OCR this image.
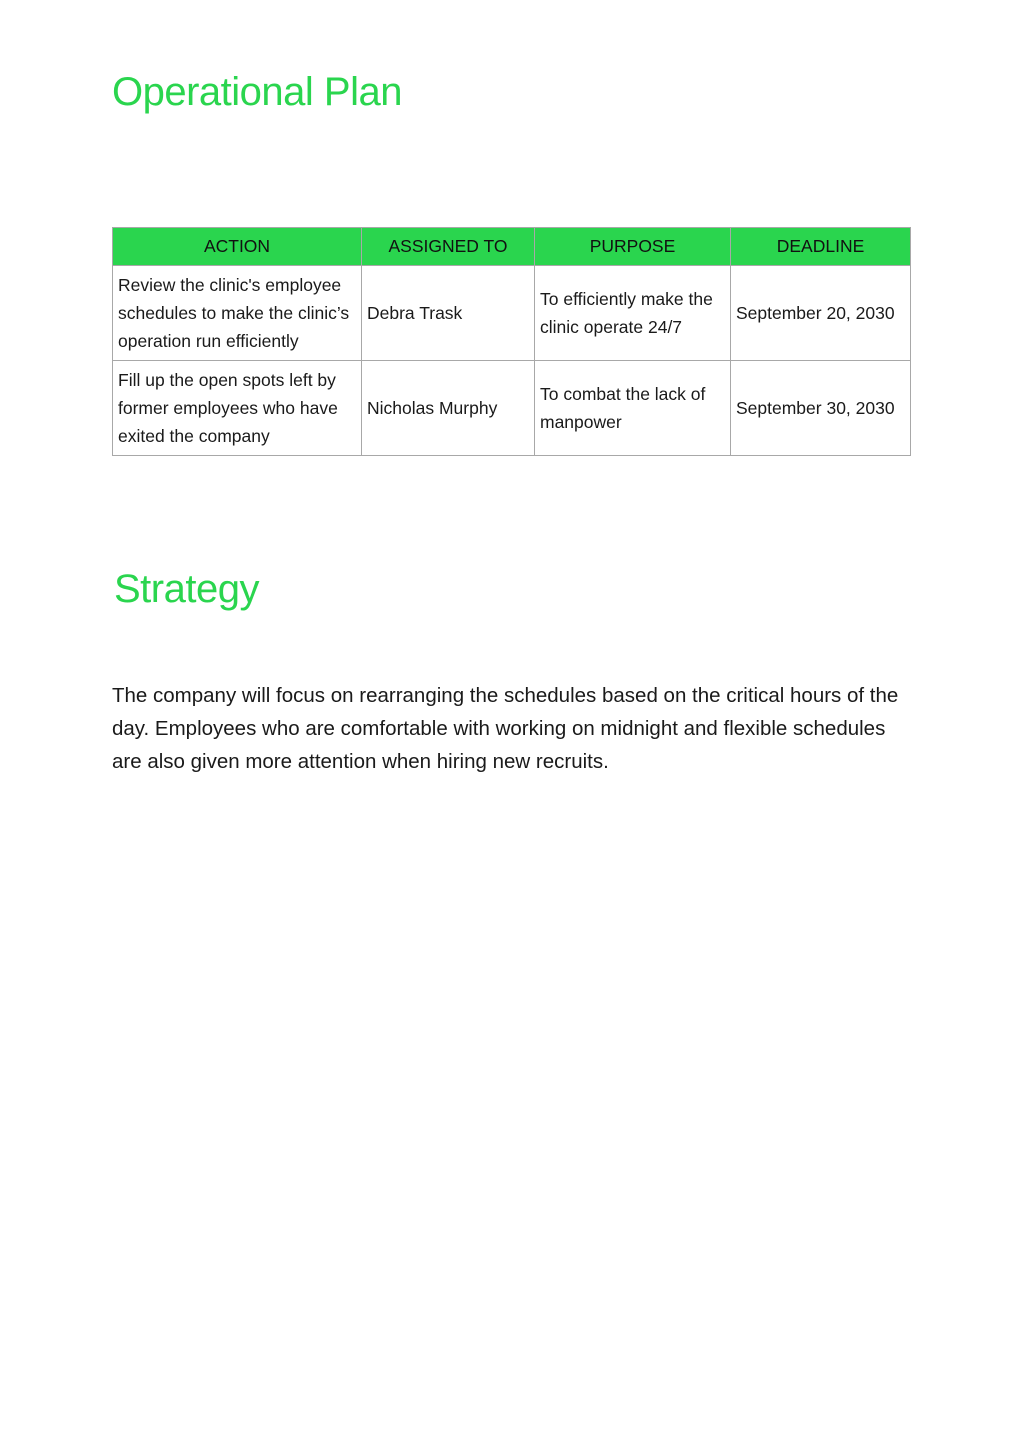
Operational Plan
ACTION	ASSIGNED TO	PURPOSE	DEADLINE
Review the clinic's employee schedules to make the clinic’s operation run efficiently	Debra Trask	To efficiently make the clinic operate 24/7	September 20, 2030
Fill up the open spots left by former employees who have exited the company	Nicholas Murphy	To combat the lack of manpower	September 30, 2030
Strategy

The company will focus on rearranging the schedules based on the critical hours of the day. Employees who are comfortable with working on midnight and flexible schedules are also given more attention when hiring new recruits.
